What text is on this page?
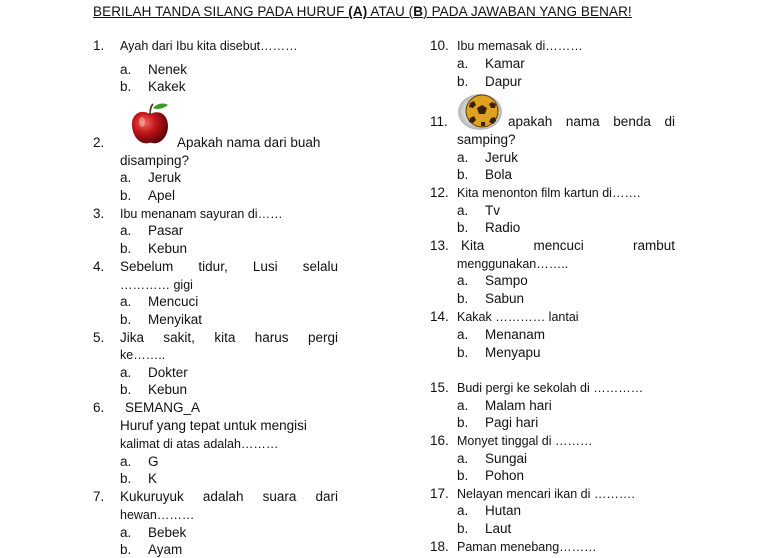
BERILAH TANDA SILANG PADA HURUF (A) ATAU (B) PADA JAWABAN YANG BENAR!
1. Ayah dari Ibu kita disebut………
a. Nenek
b. Kakek
2.	Apakah nama dari buah
disamping?
a. Jeruk
b. Apel
3. Ibu menanam sayuran di……
a. Pasar
b. Kebun
4. Sebelum tidur, Lusi selalu
………… gigi
a. Mencuci
b. Menyikat
5. Jika sakit, kita harus pergi
ke……..
a. Dokter
b. Kebun
6. SEMANG_A
Huruf yang tepat untuk mengisi
kalimat di atas adalah………
a. G
b. K
7. Kukuruyuk adalah suara dari
hewan………
a. Bebek
b. Ayam
10. Ibu memasak di………
a. Kamar
b. Dapur
11.	apakah nama benda di
samping?
a. Jeruk
b. Bola
12. Kita menonton film kartun di…….
a. Tv
b. Radio
13. Kita	mencuci	rambut
menggunakan……..
a. Sampo
b. Sabun
14. Kakak ………… lantai
a. Menanam
b. Menyapu
15. Budi pergi ke sekolah di …………
a. Malam hari
b. Pagi hari
16. Monyet tinggal di ………
a. Sungai
b. Pohon
17. Nelayan mencari ikan di ……….
a. Hutan
b. Laut
18. Paman menebang………
